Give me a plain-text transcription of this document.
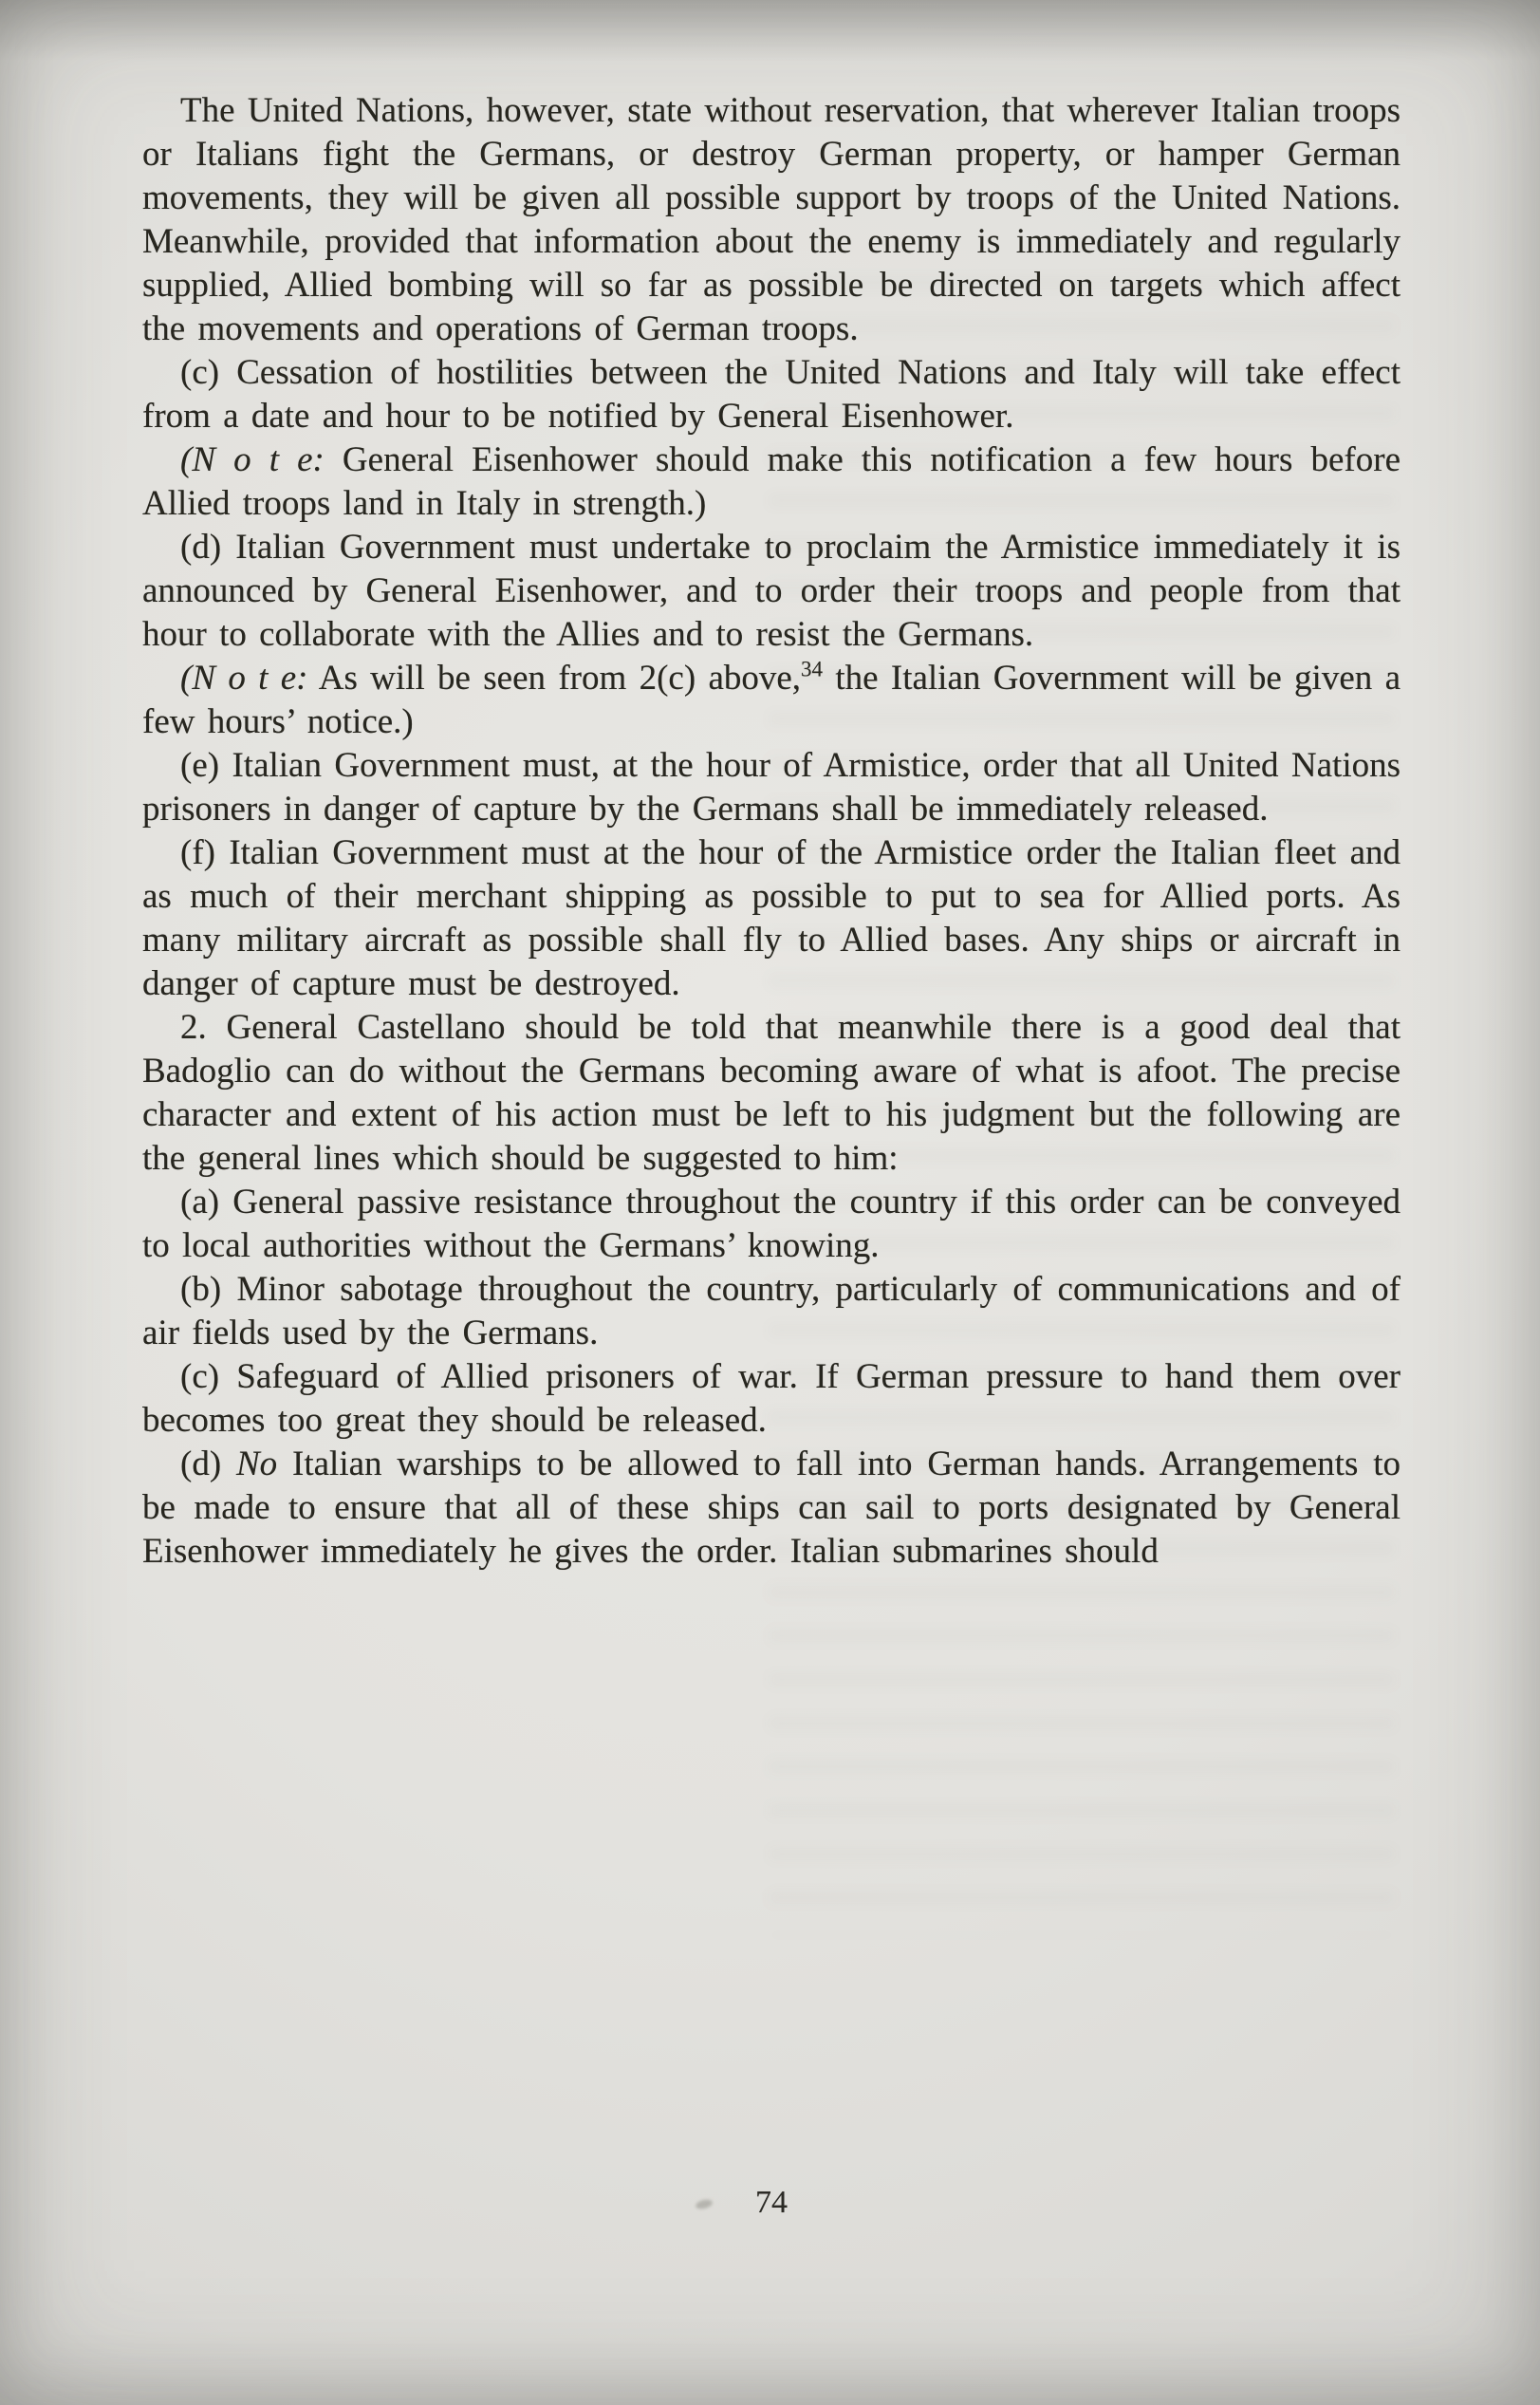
The United Nations, however, state without reservation, that wherever Italian troops or Italians fight the Germans, or destroy German property, or hamper German movements, they will be given all possible support by troops of the United Nations. Meanwhile, provided that information about the enemy is immediately and regularly supplied, Allied bombing will so far as possible be directed on targets which affect the movements and operations of German troops.

(c) Cessation of hostilities between the United Nations and Italy will take effect from a date and hour to be notified by General Eisenhower.

(N o t e: General Eisenhower should make this notification a few hours before Allied troops land in Italy in strength.)

(d) Italian Government must undertake to proclaim the Armistice immediately it is announced by General Eisenhower, and to order their troops and people from that hour to collaborate with the Allies and to resist the Germans.

(N o t e: As will be seen from 2(c) above,$^{34}$ the Italian Government will be given a few hours’ notice.)

(e) Italian Government must, at the hour of Armistice, order that all United Nations prisoners in danger of capture by the Germans shall be immediately released.

(f) Italian Government must at the hour of the Armistice order the Italian fleet and as much of their merchant shipping as possible to put to sea for Allied ports. As many military aircraft as possible shall fly to Allied bases. Any ships or aircraft in danger of capture must be destroyed.

2. General Castellano should be told that meanwhile there is a good deal that Badoglio can do without the Germans becoming aware of what is afoot. The precise character and extent of his action must be left to his judgment but the following are the general lines which should be suggested to him:

(a) General passive resistance throughout the country if this order can be conveyed to local authorities without the Germans’ knowing.

(b) Minor sabotage throughout the country, particularly of communications and of air fields used by the Germans.

(c) Safeguard of Allied prisoners of war. If German pressure to hand them over becomes too great they should be released.

(d) No Italian warships to be allowed to fall into German hands. Arrangements to be made to ensure that all of these ships can sail to ports designated by General Eisenhower immediately he gives the order. Italian submarines should

74
